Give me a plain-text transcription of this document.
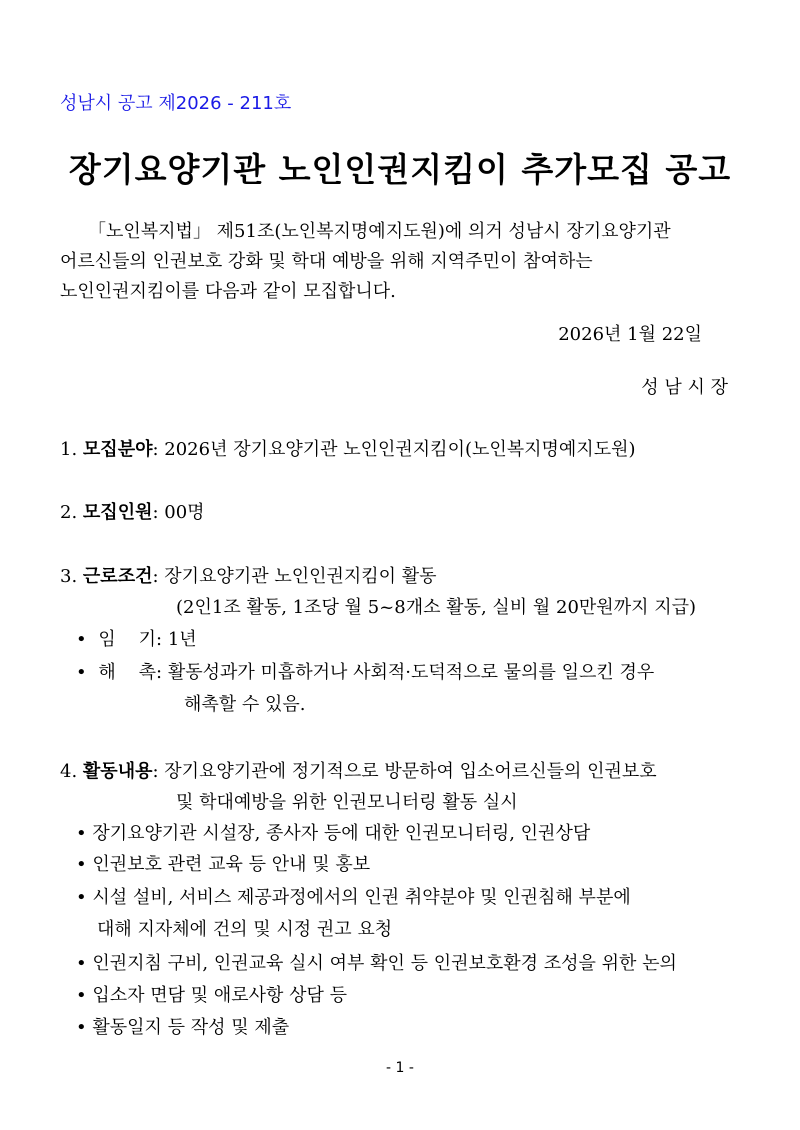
성남시 공고 제2026 - 211호
장기요양기관 노인인권지킴이 추가모집 공고
「노인복지법」 제51조(노인복지명예지도원)에 의거 성남시 장기요양기관
어르신들의 인권보호 강화 및 학대 예방을 위해 지역주민이 참여하는
노인인권지킴이를 다음과 같이 모집합니다.
2026년 1월 22일
성 남 시 장
1. 모집분야: 2026년 장기요양기관 노인인권지킴이(노인복지명예지도원)
2. 모집인원: 00명
3. 근로조건: 장기요양기관 노인인권지킴이 활동
(2인1조 활동, 1조당 월 5~8개소 활동, 실비 월 20만원까지 지급)
• 임    기: 1년
• 해    촉: 활동성과가 미흡하거나 사회적·도덕적으로 물의를 일으킨 경우
해촉할 수 있음.
4. 활동내용: 장기요양기관에 정기적으로 방문하여 입소어르신들의 인권보호
및 학대예방을 위한 인권모니터링 활동 실시
• 장기요양기관 시설장, 종사자 등에 대한 인권모니터링, 인권상담
• 인권보호 관련 교육 등 안내 및 홍보
• 시설 설비, 서비스 제공과정에서의 인권 취약분야 및 인권침해 부분에
대해 지자체에 건의 및 시정 권고 요청
• 인권지침 구비, 인권교육 실시 여부 확인 등 인권보호환경 조성을 위한 논의
• 입소자 면담 및 애로사항 상담 등
• 활동일지 등 작성 및 제출
- 1 -
